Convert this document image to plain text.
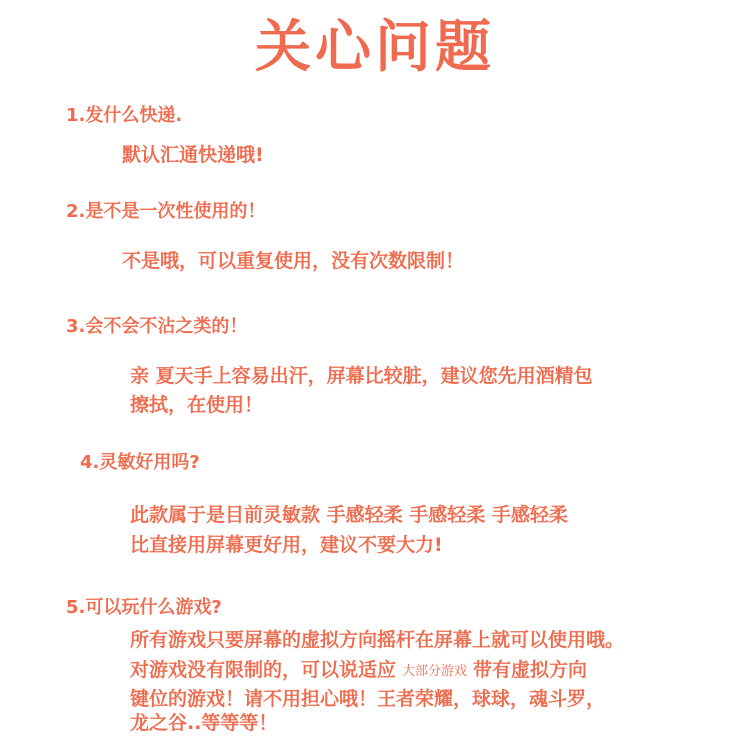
关心问题
1.发什么快递.
默认汇通快递哦!
2.是不是一次性使用的！
不是哦，可以重复使用，没有次数限制！
3.会不会不沾之类的！
亲 夏天手上容易出汗，屏幕比较脏，建议您先用酒精包
擦拭，在使用！
4.灵敏好用吗?
此款属于是目前灵敏款 手感轻柔 手感轻柔 手感轻柔
比直接用屏幕更好用，建议不要大力!
5.可以玩什么游戏?
所有游戏只要屏幕的虚拟方向摇杆在屏幕上就可以使用哦。
对游戏没有限制的，可以说适应 大部分游戏 带有虚拟方向
键位的游戏！请不用担心哦！王者荣耀，球球，魂斗罗，
龙之谷..等等等！
